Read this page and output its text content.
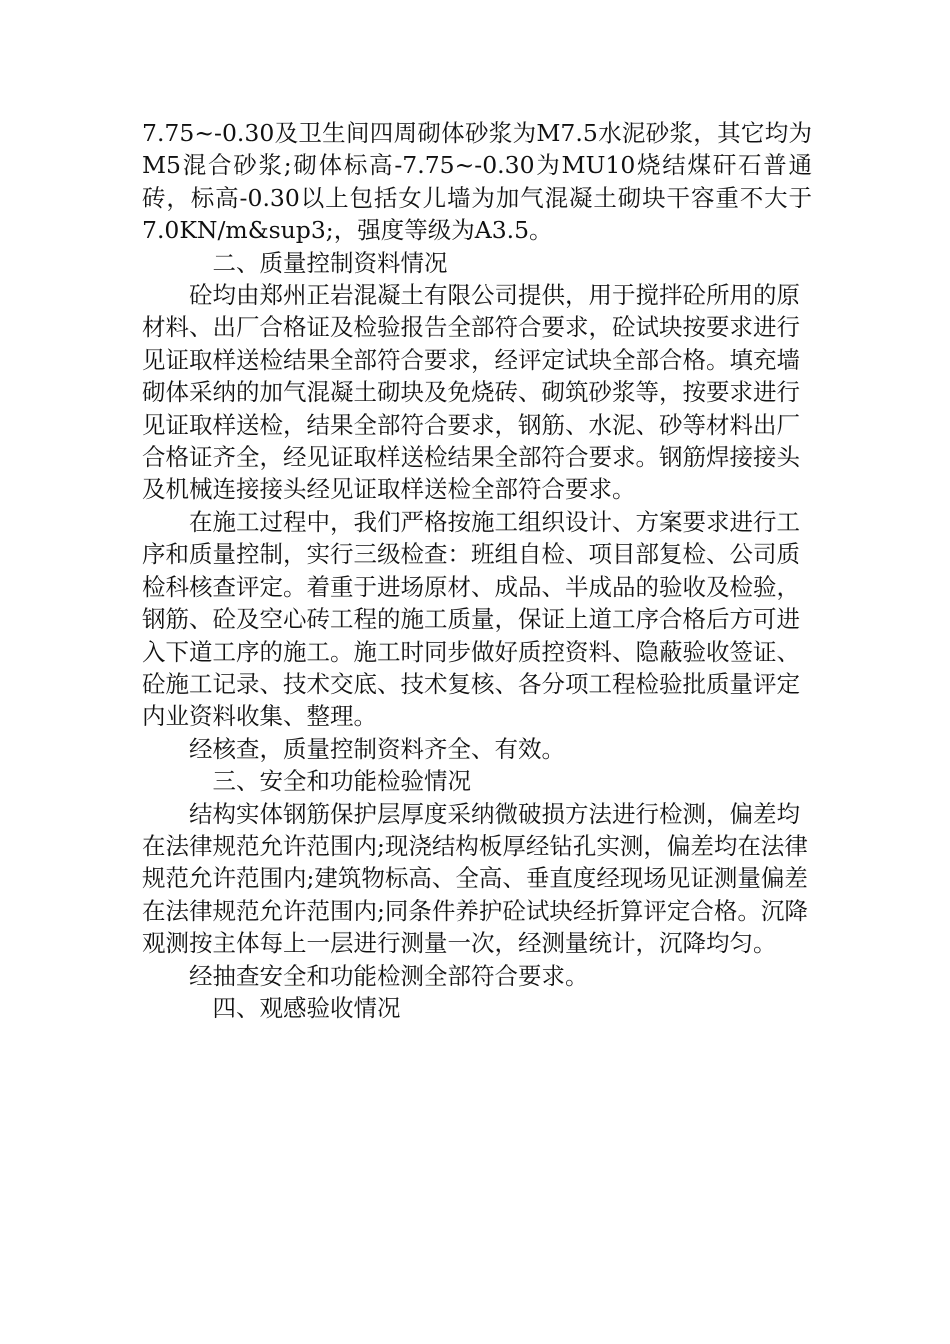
7.75~-0.30及卫生间四周砌体砂浆为M7.5水泥砂浆，其它均为M5混合砂浆;砌体标高-7.75~-0.30为MU10烧结煤矸石普通砖，标高-0.30以上包括女儿墙为加气混凝土砌块干容重不大于7.0KN/m&sup3;，强度等级为A3.5。

二、质量控制资料情况

砼均由郑州正岩混凝土有限公司提供，用于搅拌砼所用的原材料、出厂合格证及检验报告全部符合要求，砼试块按要求进行见证取样送检结果全部符合要求，经评定试块全部合格。填充墙砌体采纳的加气混凝土砌块及免烧砖、砌筑砂浆等，按要求进行见证取样送检，结果全部符合要求，钢筋、水泥、砂等材料出厂合格证齐全，经见证取样送检结果全部符合要求。钢筋焊接接头及机械连接接头经见证取样送检全部符合要求。

在施工过程中，我们严格按施工组织设计、方案要求进行工序和质量控制，实行三级检查：班组自检、项目部复检、公司质检科核查评定。着重于进场原材、成品、半成品的验收及检验，钢筋、砼及空心砖工程的施工质量，保证上道工序合格后方可进入下道工序的施工。施工时同步做好质控资料、隐蔽验收签证、砼施工记录、技术交底、技术复核、各分项工程检验批质量评定内业资料收集、整理。

经核查，质量控制资料齐全、有效。

三、安全和功能检验情况

结构实体钢筋保护层厚度采纳微破损方法进行检测，偏差均在法律规范允许范围内;现浇结构板厚经钻孔实测，偏差均在法律规范允许范围内;建筑物标高、全高、垂直度经现场见证测量偏差在法律规范允许范围内;同条件养护砼试块经折算评定合格。沉降观测按主体每上一层进行测量一次，经测量统计，沉降均匀。

经抽查安全和功能检测全部符合要求。

四、观感验收情况
